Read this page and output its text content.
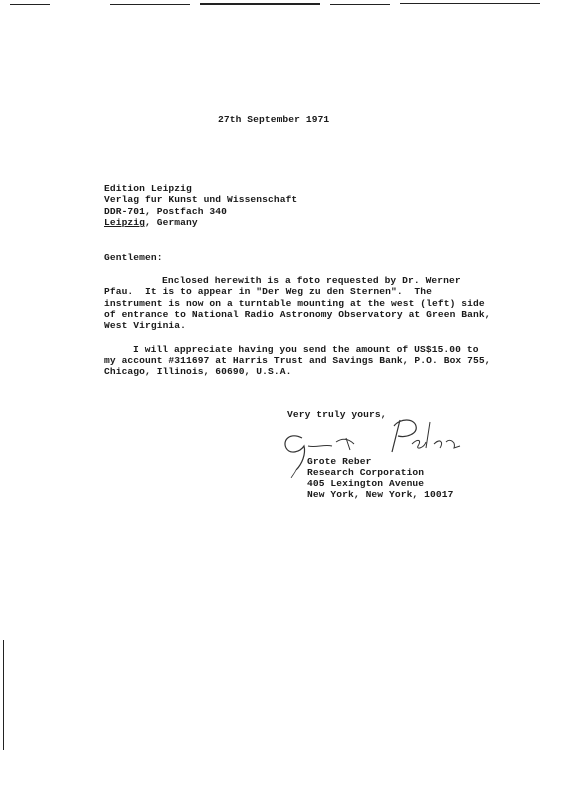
27th September 1971
Edition Leipzig
Verlag fur Kunst und Wissenschaft
DDR-701, Postfach 340
Leipzig, Germany
Gentlemen:
Enclosed herewith is a foto requested by Dr. Werner
Pfau.  It is to appear in "Der Weg zu den Sternen".  The
instrument is now on a turntable mounting at the west (left) side
of entrance to National Radio Astronomy Observatory at Green Bank,
West Virginia.
I will appreciate having you send the amount of US$15.00 to
my account #311697 at Harris Trust and Savings Bank, P.O. Box 755,
Chicago, Illinois, 60690, U.S.A.
Very truly yours,
Grote Reber
Research Corporation
405 Lexington Avenue
New York, New York, 10017
